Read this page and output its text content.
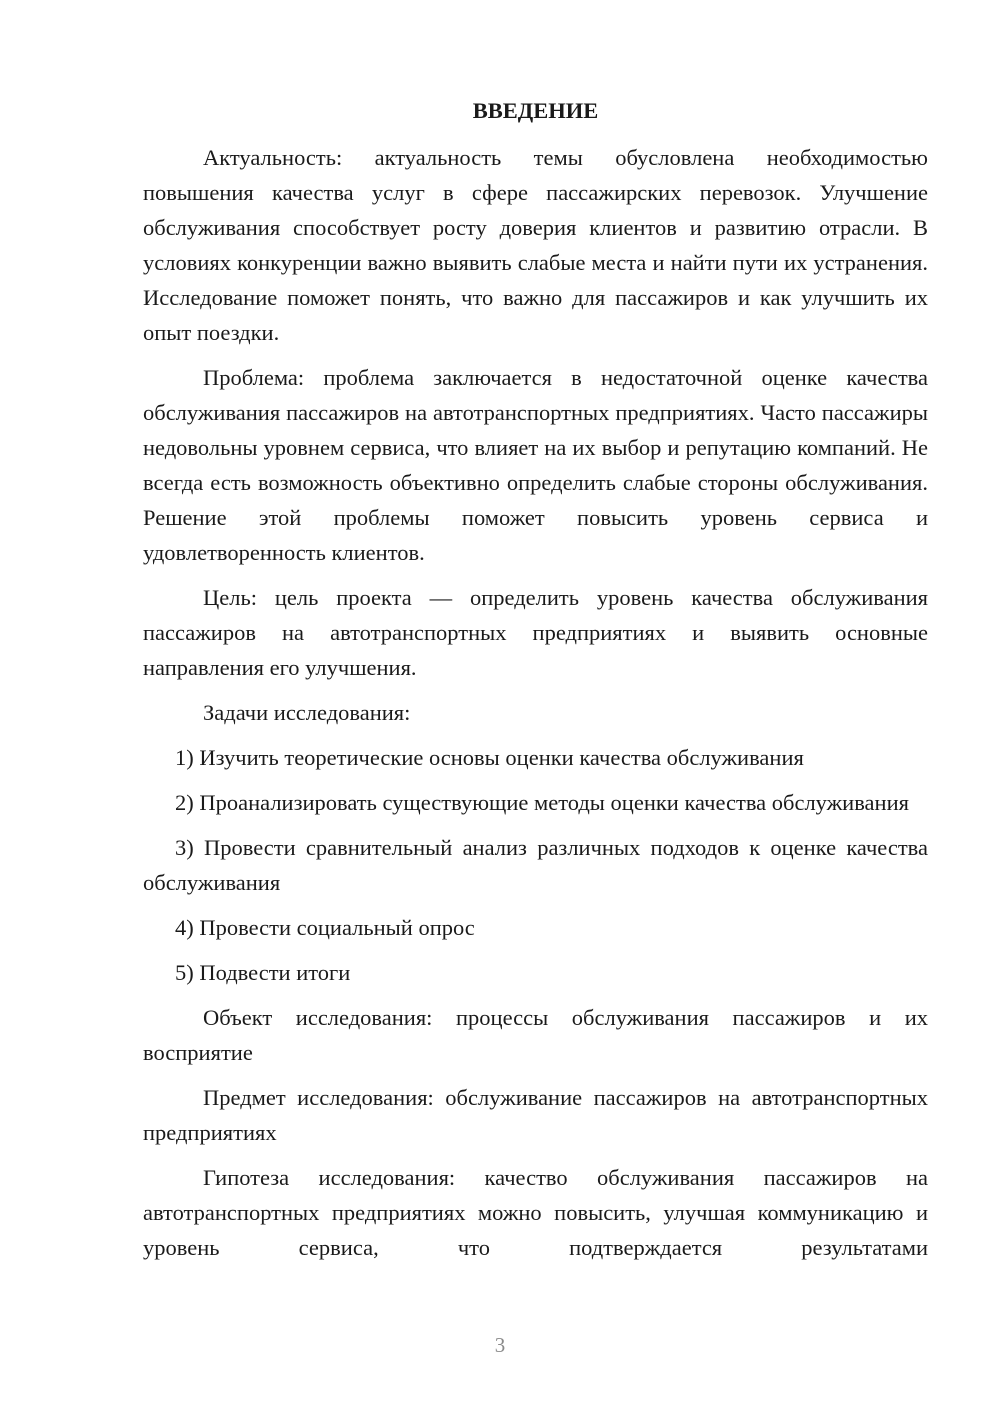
ВВЕДЕНИЕ

Актуальность: актуальность темы обусловлена необходимостью повышения качества услуг в сфере пассажирских перевозок. Улучшение обслуживания способствует росту доверия клиентов и развитию отрасли. В условиях конкуренции важно выявить слабые места и найти пути их устранения. Исследование поможет понять, что важно для пассажиров и как улучшить их опыт поездки.

Проблема: проблема заключается в недостаточной оценке качества обслуживания пассажиров на автотранспортных предприятиях. Часто пассажиры недовольны уровнем сервиса, что влияет на их выбор и репутацию компаний. Не всегда есть возможность объективно определить слабые стороны обслуживания. Решение этой проблемы поможет повысить уровень сервиса и удовлетворенность клиентов.

Цель: цель проекта — определить уровень качества обслуживания пассажиров на автотранспортных предприятиях и выявить основные направления его улучшения.

Задачи исследования:

1) Изучить теоретические основы оценки качества обслуживания

2) Проанализировать существующие методы оценки качества обслуживания

3) Провести сравнительный анализ различных подходов к оценке качества обслуживания

4) Провести социальный опрос

5) Подвести итоги

Объект исследования: процессы обслуживания пассажиров и их восприятие

Предмет исследования: обслуживание пассажиров на автотранспортных предприятиях

Гипотеза исследования: качество обслуживания пассажиров на автотранспортных предприятиях можно повысить, улучшая коммуникацию и уровень сервиса, что подтверждается результатами

3
